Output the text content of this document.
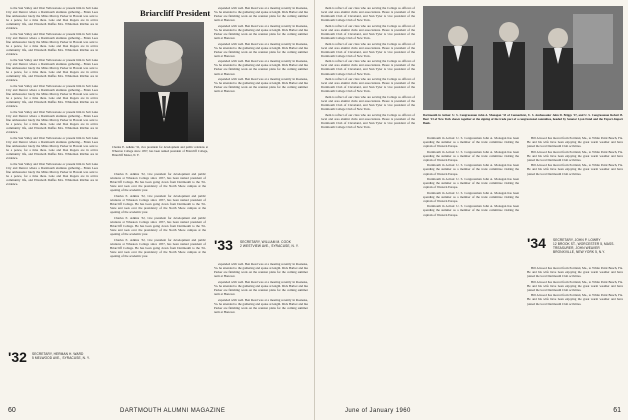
to the Sun Valley and West Yellowstone or present him in Salt Lake City and Denver where a Dartmouth alumnus gathering... Brian Lees fine ambassador lately the Miles Murray Parker in Hawaii was sent to be a ponce, for a time there. Gale and Don Rogers are in active community life, and Elizabeth Duffus Mrs. Whiteman Ritchie are in evidence.

to the Sun Valley and West Yellowstone or present him in Salt Lake City and Denver where a Dartmouth alumnus gathering... Brian Lees fine ambassador lately the Miles Murray Parker in Hawaii was sent to be a ponce, for a time there. Gale and Don Rogers are in active community life, and Elizabeth Duffus Mrs. Whiteman Ritchie are in evidence.

to the Sun Valley and West Yellowstone or present him in Salt Lake City and Denver where a Dartmouth alumnus gathering... Brian Lees fine ambassador lately the Miles Murray Parker in Hawaii was sent to be a ponce, for a time there. Gale and Don Rogers are in active community life, and Elizabeth Duffus Mrs. Whiteman Ritchie are in evidence.

to the Sun Valley and West Yellowstone or present him in Salt Lake City and Denver where a Dartmouth alumnus gathering... Brian Lees fine ambassador lately the Miles Murray Parker in Hawaii was sent to be a ponce, for a time there. Gale and Don Rogers are in active community life, and Elizabeth Duffus Mrs. Whiteman Ritchie are in evidence.

to the Sun Valley and West Yellowstone or present him in Salt Lake City and Denver where a Dartmouth alumnus gathering... Brian Lees fine ambassador lately the Miles Murray Parker in Hawaii was sent to be a ponce, for a time there. Gale and Don Rogers are in active community life, and Elizabeth Duffus Mrs. Whiteman Ritchie are in evidence.

to the Sun Valley and West Yellowstone or present him in Salt Lake City and Denver where a Dartmouth alumnus gathering... Brian Lees fine ambassador lately the Miles Murray Parker in Hawaii was sent to be a ponce, for a time there. Gale and Don Rogers are in active community life, and Elizabeth Duffus Mrs. Whiteman Ritchie are in evidence.

to the Sun Valley and West Yellowstone or present him in Salt Lake City and Denver where a Dartmouth alumnus gathering... Brian Lees fine ambassador lately the Miles Murray Parker in Hawaii was sent to be a ponce, for a time there. Gale and Don Rogers are in active community life, and Elizabeth Duffus Mrs. Whiteman Ritchie are in evidence.

Briarcliff President
Charles E. Adkins '32, vice president for development and public relations at Wheaton College since 1957, has been named president of Briarcliff College, Briarcliff Manor, N. Y.

Charles E. Adkins '32, vice president for development and public relations at Wheaton College since 1957, has been named president of Briarcliff College. He has been going down from Dartmouth to the Tri-State and took over the presidency of the North Shore campus at the opening of the academic year.

Charles E. Adkins '32, vice president for development and public relations at Wheaton College since 1957, has been named president of Briarcliff College. He has been going down from Dartmouth to the Tri-State and took over the presidency of the North Shore campus at the opening of the academic year.

Charles E. Adkins '32, vice president for development and public relations at Wheaton College since 1957, has been named president of Briarcliff College. He has been going down from Dartmouth to the Tri-State and took over the presidency of the North Shore campus at the opening of the academic year.

Charles E. Adkins '32, vice president for development and public relations at Wheaton College since 1957, has been named president of Briarcliff College. He has been going down from Dartmouth to the Tri-State and took over the presidency of the North Shore campus at the opening of the academic year.

'32 SECRETARY, HERMAN H. WARD
5 MELWOOD AVE., SYRACUSE, N. Y.

expanded with well. Ben Read was at a meeting recently in Roanoke, Va. he attended to the gathering and spoke at length. Dick Barber and Ike Parker are finishing work on the reunion plans for the coming summer term at Hanover.

expanded with well. Ben Read was at a meeting recently in Roanoke, Va. he attended to the gathering and spoke at length. Dick Barber and Ike Parker are finishing work on the reunion plans for the coming summer term at Hanover.

expanded with well. Ben Read was at a meeting recently in Roanoke, Va. he attended to the gathering and spoke at length. Dick Barber and Ike Parker are finishing work on the reunion plans for the coming summer term at Hanover.

expanded with well. Ben Read was at a meeting recently in Roanoke, Va. he attended to the gathering and spoke at length. Dick Barber and Ike Parker are finishing work on the reunion plans for the coming summer term at Hanover.

expanded with well. Ben Read was at a meeting recently in Roanoke, Va. he attended to the gathering and spoke at length. Dick Barber and Ike Parker are finishing work on the reunion plans for the coming summer term at Hanover.

'33 SECRETARY, WILLIAM M. COOK
2 WESTVIEW AVE., SYRACUSE, N. Y.

expanded with well. Ben Read was at a meeting recently in Roanoke, Va. he attended to the gathering and spoke at length. Dick Barber and Ike Parker are finishing work on the reunion plans for the coming summer term at Hanover.

expanded with well. Ben Read was at a meeting recently in Roanoke, Va. he attended to the gathering and spoke at length. Dick Barber and Ike Parker are finishing work on the reunion plans for the coming summer term at Hanover.

expanded with well. Ben Read was at a meeting recently in Roanoke, Va. he attended to the gathering and spoke at length. Dick Barber and Ike Parker are finishing work on the reunion plans for the coming summer term at Hanover.

60	DARTMOUTH ALUMNI MAGAZINE

them is reflect of our class who are serving the College as officers of local and area alumni clubs and associations. Heere is president of the Dartmouth Club of Cleveland, and Stan Tyler is vice president of the Dartmouth College Club of New York.

them is reflect of our class who are serving the College as officers of local and area alumni clubs and associations. Heere is president of the Dartmouth Club of Cleveland, and Stan Tyler is vice president of the Dartmouth College Club of New York.

them is reflect of our class who are serving the College as officers of local and area alumni clubs and associations. Heere is president of the Dartmouth Club of Cleveland, and Stan Tyler is vice president of the Dartmouth College Club of New York.

them is reflect of our class who are serving the College as officers of local and area alumni clubs and associations. Heere is president of the Dartmouth Club of Cleveland, and Stan Tyler is vice president of the Dartmouth College Club of New York.

them is reflect of our class who are serving the College as officers of local and area alumni clubs and associations. Heere is president of the Dartmouth Club of Cleveland, and Stan Tyler is vice president of the Dartmouth College Club of New York.

them is reflect of our class who are serving the College as officers of local and area alumni clubs and associations. Heere is president of the Dartmouth Club of Cleveland, and Stan Tyler is vice president of the Dartmouth College Club of New York.

them is reflect of our class who are serving the College as officers of local and area alumni clubs and associations. Heere is president of the Dartmouth Club of Cleveland, and Stan Tyler is vice president of the Dartmouth College Club of New York.

Dartmouth in Action: U. S. Congressman John A. Monagan '33 of Connecticut, U. S. Ambassador John D. Briggs '27, and U. S. Congressman Robert B. Beer '23 of New York shown together at the signing of the trade pact of a congressional committee, headed by Senator Lyon Fund and the Export-Import Bank.

Dartmouth in Action: U. S. Congressman John A. Monagan has been spending the summer as a member of the trade committee visiting the capitals of Western Europe.

Dartmouth in Action: U. S. Congressman John A. Monagan has been spending the summer as a member of the trade committee visiting the capitals of Western Europe.

Dartmouth in Action: U. S. Congressman John A. Monagan has been spending the summer as a member of the trade committee visiting the capitals of Western Europe.

Dartmouth in Action: U. S. Congressman John A. Monagan has been spending the summer as a member of the trade committee visiting the capitals of Western Europe.

Dartmouth in Action: U. S. Congressman John A. Monagan has been spending the summer as a member of the trade committee visiting the capitals of Western Europe.

Dartmouth in Action: U. S. Congressman John A. Monagan has been spending the summer as a member of the trade committee visiting the capitals of Western Europe.

Bill Atwood has moved from Portland, Me., to White Point Beach, Fla. He and his wife have been enjoying the great warm weather and have joined the local Dartmouth Club activities.

Bill Atwood has moved from Portland, Me., to White Point Beach, Fla. He and his wife have been enjoying the great warm weather and have joined the local Dartmouth Club activities.

Bill Atwood has moved from Portland, Me., to White Point Beach, Fla. He and his wife have been enjoying the great warm weather and have joined the local Dartmouth Club activities.

'34 SECRETARY, JOHN P. LOWRY
12 BROOK ST., WORCESTER 5, MASS.
TREASURER, JOHN WEAVER
BRONXVILLE, NEW YORK 5, N.Y.

Bill Atwood has moved from Portland, Me., to White Point Beach, Fla. He and his wife have been enjoying the great warm weather and have joined the local Dartmouth Club activities.

Bill Atwood has moved from Portland, Me., to White Point Beach, Fla. He and his wife have been enjoying the great warm weather and have joined the local Dartmouth Club activities.

Bill Atwood has moved from Portland, Me., to White Point Beach, Fla. He and his wife have been enjoying the great warm weather and have joined the local Dartmouth Club activities.

June of January 1960	61
